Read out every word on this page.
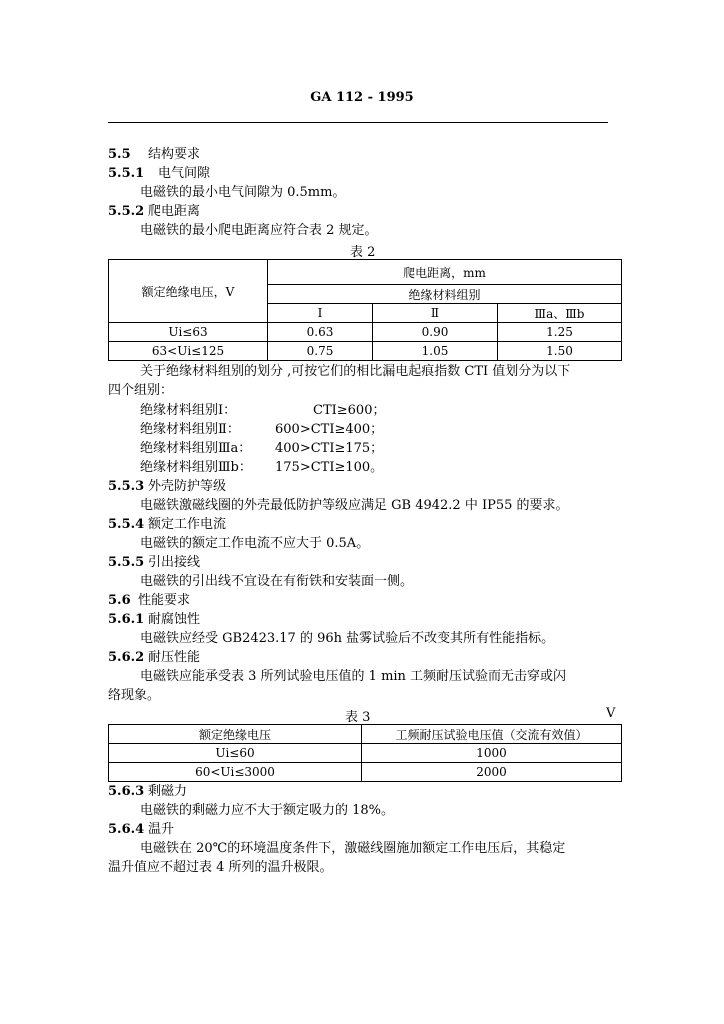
GA 112 - 1995
5.5 结构要求
5.5.1 电气间隙
电磁铁的最小电气间隙为 0.5mm。
5.5.2 爬电距离
电磁铁的最小爬电距离应符合表 2 规定。
表 2
额定绝缘电压，V	爬电距离，mm		
	绝缘材料组别		
	Ⅰ	Ⅱ	Ⅲa、Ⅲb
Ui≤63	0.63	0.90	1.25
63<Ui≤125	0.75	1.05	1.50
关于绝缘材料组别的划分 ,可按它们的相比漏电起痕指数 CTI 值划分为以下
四个组别：
绝缘材料组别Ⅰ：	CTI≥600；
绝缘材料组别Ⅱ：	600>CTI≥400；
绝缘材料组别Ⅲa： 400>CTI≥175；
绝缘材料组别Ⅲb： 175>CTI≥100。
5.5.3 外壳防护等级
电磁铁激磁线圈的外壳最低防护等级应满足 GB 4942.2 中 IP55 的要求。
5.5.4 额定工作电流
电磁铁的额定工作电流不应大于 0.5A。
5.5.5 引出接线
电磁铁的引出线不宜设在有衔铁和安装面一侧。
5.6 性能要求
5.6.1 耐腐蚀性
电磁铁应经受 GB2423.17 的 96h 盐雾试验后不改变其所有性能指标。
5.6.2 耐压性能
电磁铁应能承受表 3 所列试验电压值的 1 min 工频耐压试验而无击穿或闪
络现象。
表 3	V
额定绝缘电压	工频耐压试验电压值（交流有效值）
Ui≤60	1000
60<Ui≤3000	2000
5.6.3 剩磁力
电磁铁的剩磁力应不大于额定吸力的 18%。
5.6.4 温升
电磁铁在 20℃的环境温度条件下，激磁线圈施加额定工作电压后，其稳定
温升值应不超过表 4 所列的温升极限。
